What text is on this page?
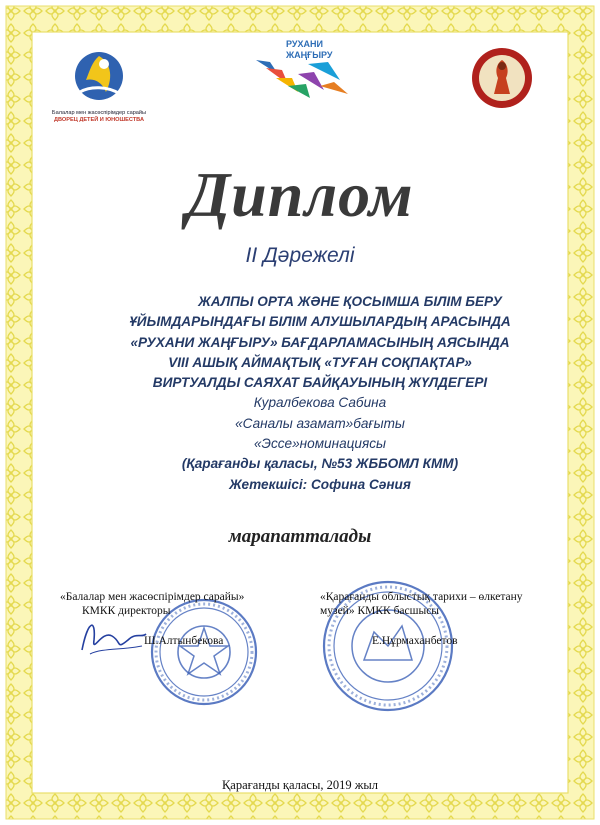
Балалар мен жасөспірімдер сарайы
ДВОРЕЦ ДЕТЕЙ И ЮНОШЕСТВА
РУХАНИ
ЖАҢҒЫРУ
Диплом
II Дәрежелі
ЖАЛПЫ ОРТА ЖӘНЕ ҚОСЫМША БІЛІМ БЕРУ
ҰЙЫМДАРЫНДАҒЫ БІЛІМ АЛУШЫЛАРДЫҢ АРАСЫНДА
«РУХАНИ ЖАҢҒЫРУ» БАҒДАРЛАМАСЫНЫҢ АЯСЫНДА
VIII АШЫҚ АЙМАҚТЫҚ «ТУҒАН СОҚПАҚТАР»
ВИРТУАЛДЫ САЯХАТ БАЙҚАУЫНЫҢ ЖҮЛДЕГЕРІ
Куралбекова Сабина
«Саналы азамат»бағыты
«Эссе»номинациясы
(Қарағанды қаласы, №53 ЖББОМЛ КММ)
Жетекшісі: Софина Сәния
марапатталады
«Балалар мен жасөспірімдер сарайы»
КМКК директоры
Ш.Алтынбекова
«Қарағанды облыстық тарихи – өлкетану
музей» КМКК басшысы
Е.Нұрмаханбетов
Қарағанды қаласы, 2019 жыл
